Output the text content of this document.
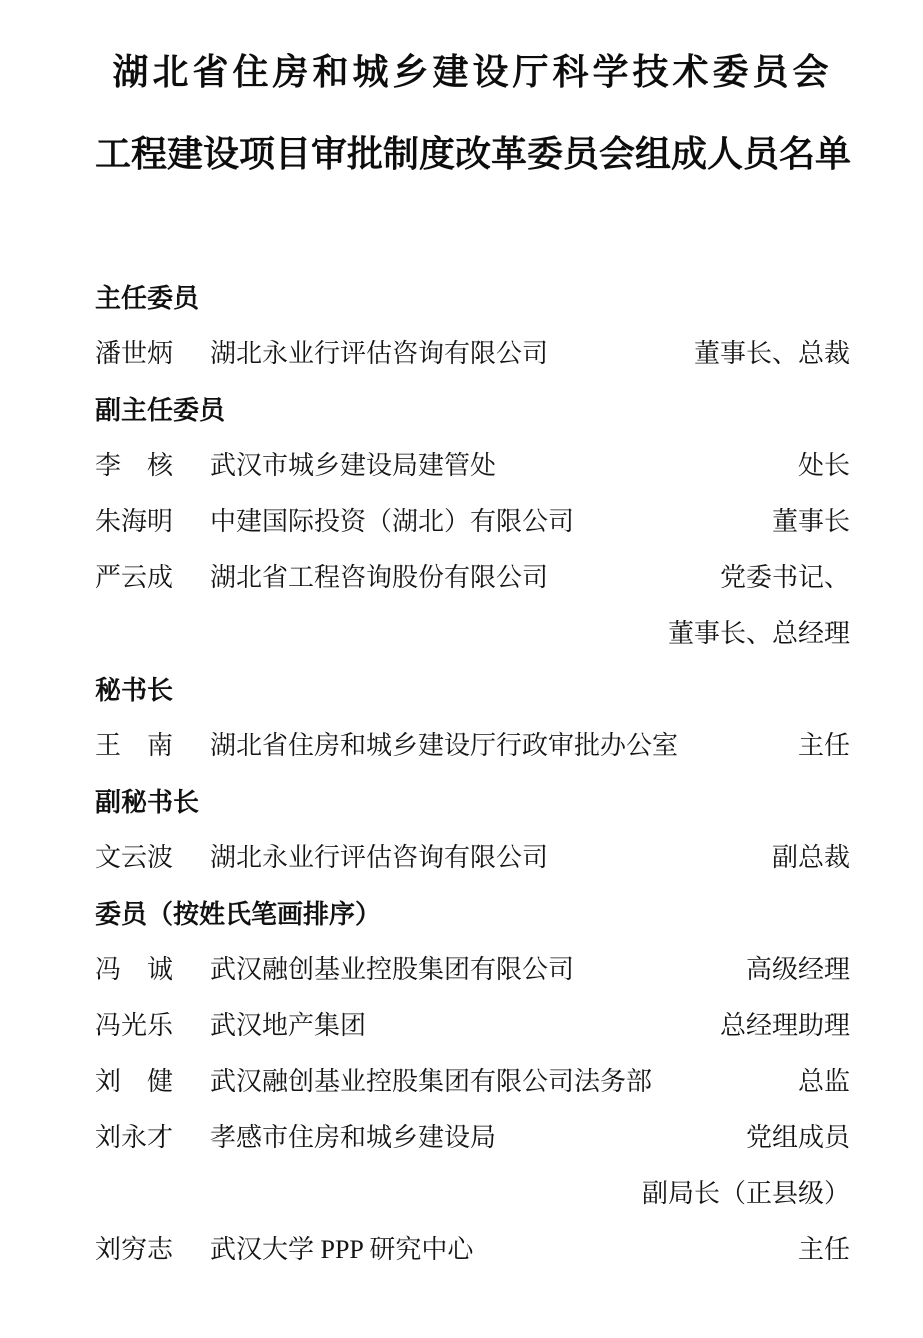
湖北省住房和城乡建设厅科学技术委员会
工程建设项目审批制度改革委员会组成人员名单
主任委员
潘世炳	湖北永业行评估咨询有限公司	董事长、总裁
副主任委员
李　核	武汉市城乡建设局建管处	处长
朱海明	中建国际投资（湖北）有限公司	董事长
严云成	湖北省工程咨询股份有限公司	党委书记、
董事长、总经理
秘书长
王　南	湖北省住房和城乡建设厅行政审批办公室	主任
副秘书长
文云波	湖北永业行评估咨询有限公司	副总裁
委员（按姓氏笔画排序）
冯　诚	武汉融创基业控股集团有限公司	高级经理
冯光乐	武汉地产集团	总经理助理
刘　健	武汉融创基业控股集团有限公司法务部	总监
刘永才	孝感市住房和城乡建设局	党组成员
副局长（正县级）
刘穷志	武汉大学 PPP 研究中心	主任
